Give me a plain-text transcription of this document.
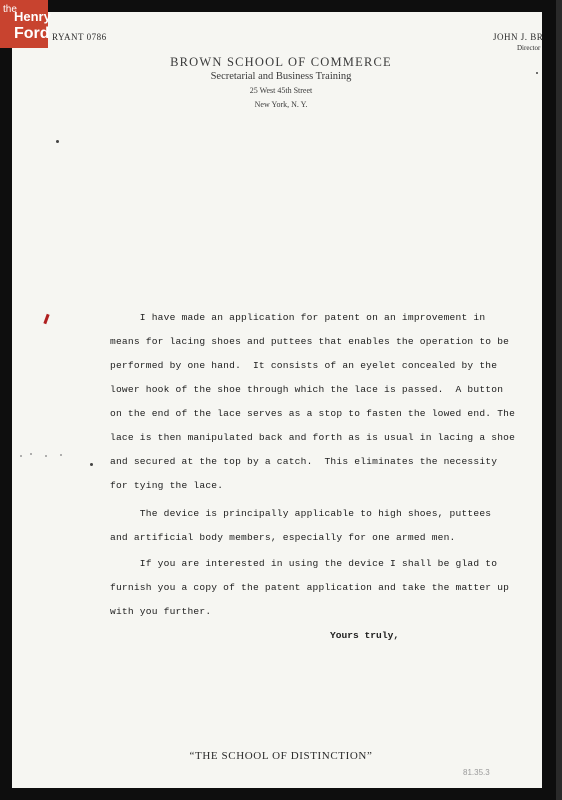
the
Henry
Ford RYANT 0786	JOHN J. BR
Director
BROWN SCHOOL OF COMMERCE
Secretarial and Business Training
25 West 45th Street
New York, N. Y.
I have made an application for patent on an improvement in
means for lacing shoes and puttees that enables the operation to be
performed by one hand.  It consists of an eyelet concealed by the
lower hook of the shoe through which the lace is passed.  A button
on the end of the lace serves as a stop to fasten the lowed end. The
lace is then manipulated back and forth as is usual in lacing a shoe
and secured at the top by a catch.  This eliminates the necessity
for tying the lace.
The device is principally applicable to high shoes, puttees
and artificial body members, especially for one armed men.
If you are interested in using the device I shall be glad to
furnish you a copy of the patent application and take the matter up
with you further.
Yours truly,
“THE SCHOOL OF DISTINCTION”
81.35.3
